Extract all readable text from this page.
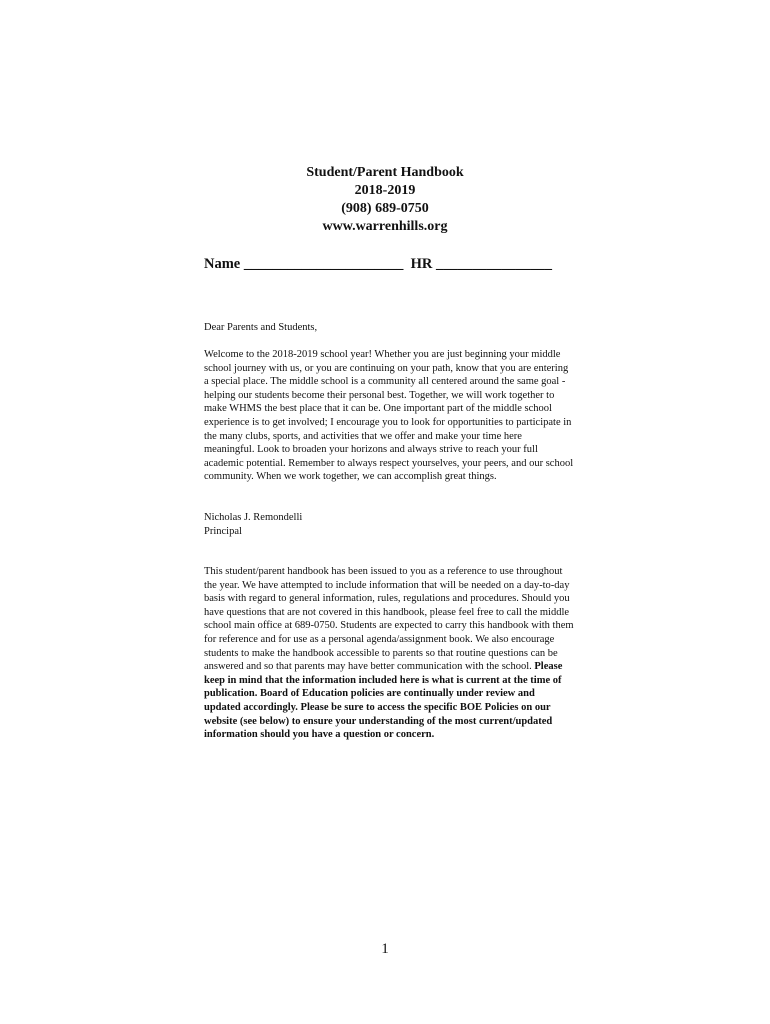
Student/Parent Handbook
2018-2019
(908) 689-0750
www.warrenhills.org
Name ______________________  HR ________________

Dear Parents and Students,

Welcome to the 2018-2019 school year! Whether you are just beginning your middle school journey with us, or you are continuing on your path, know that you are entering a special place. The middle school is a community all centered around the same goal - helping our students become their personal best. Together, we will work together to make WHMS the best place that it can be. One important part of the middle school experience is to get involved; I encourage you to look for opportunities to participate in the many clubs, sports, and activities that we offer and make your time here meaningful. Look to broaden your horizons and always strive to reach your full academic potential. Remember to always respect yourselves, your peers, and our school community. When we work together, we can accomplish great things.

Nicholas J. Remondelli

Principal

This student/parent handbook has been issued to you as a reference to use throughout the year. We have attempted to include information that will be needed on a day-to-day basis with regard to general information, rules, regulations and procedures. Should you have questions that are not covered in this handbook, please feel free to call the middle school main office at 689-0750. Students are expected to carry this handbook with them for reference and for use as a personal agenda/assignment book. We also encourage students to make the handbook accessible to parents so that routine questions can be answered and so that parents may have better communication with the school. Please keep in mind that the information included here is what is current at the time of publication. Board of Education policies are continually under review and updated accordingly. Please be sure to access the specific BOE Policies on our website (see below) to ensure your understanding of the most current/updated information should you have a question or concern.

1
